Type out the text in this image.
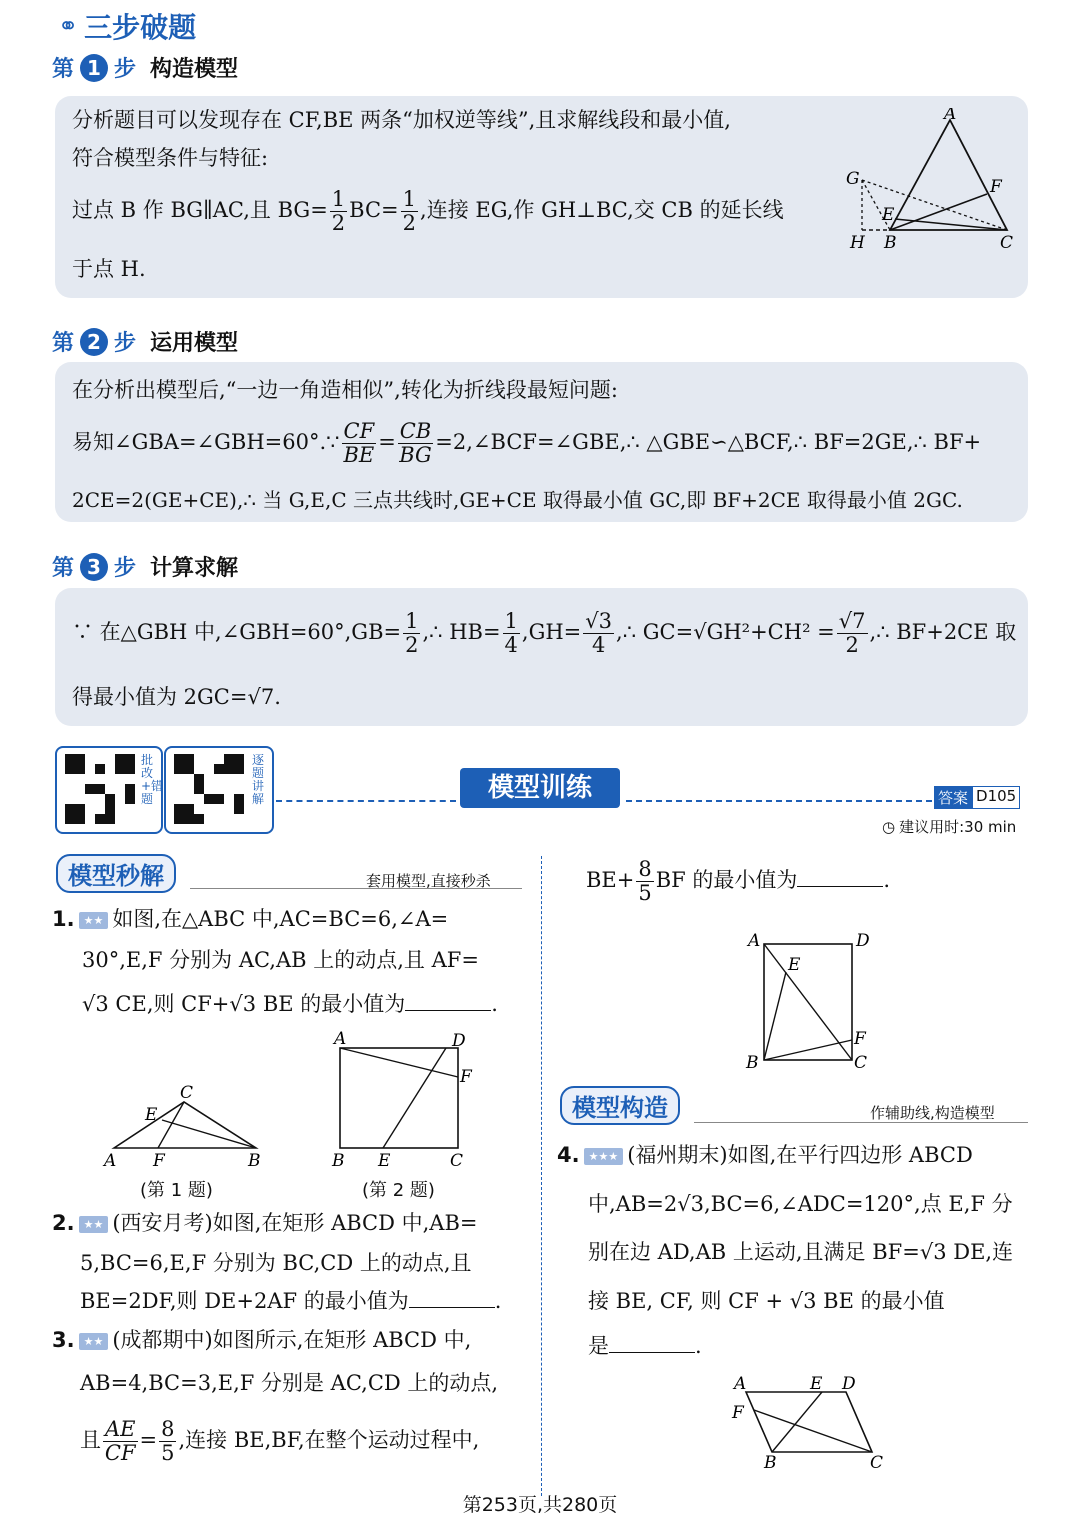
⚭ 三步破题
第 1 步 构造模型
分析题目可以发现存在 CF,BE 两条“加权逆等线”,且求解线段和最小值,
符合模型条件与特征:
过点 B 作 BG∥AC,且 $BG= \frac{1}{2} BC= \frac{1}{2}$ ,连接 EG,作 GH⊥BC,交 CB 的延长线
于点 H.
A
F
G
E
H B	C
第 2 步 运用模型
在分析出模型后,“一边一角造相似”,转化为折线段最短问题:
易知∠GBA=∠GBH=60°.∵ $\frac{CF}{BE} = \frac{CB}{BG}$ =2,∠BCF=∠GBE,∴ △GBE∽△BCF,∴ BF=2GE,∴ BF+
2CE=2(GE+CE),∴ 当 G,E,C 三点共线时,GE+CE 取得最小值 GC,即 BF+2CE 取得最小值 2GC.
第 3 步 计算求解
∵ 在△GBH 中,∠GBH=60°,GB= $\frac{1}{2}$ ,∴ $HB= \frac{1}{4} ,GH= \frac{√3}{4}$ ,∴ $GC=√GH^2+CH^2 = \frac{√7}{2}$ ,∴ BF+2CE 取
得最小值为 2GC=√7.
批改+错题
逐题讲解	模型训练	答案 D105
◷ 建议用时:30 min
模型秒解	套用模型,直接秒杀
1. ★★ 如图,在△ABC 中,AC=BC=6,∠A=
30°,E,F 分别为 AC,AB 上的动点,且 AF=
√3 CE,则 CF+√3 BE 的最小值为	.
C
E
A F	B
(第 1 题)
A	D
F
B E	C
(第 2 题)
2. ★★ (西安月考)如图,在矩形 ABCD 中,AB=
5,BC=6,E,F 分别为 BC,CD 上的动点,且
BE=2DF,则 DE+2AF 的最小值为	.
3. ★★ (成都期中)如图所示,在矩形 ABCD 中,
AB=4,BC=3,E,F 分别是 AC,CD 上的动点,
且 $\frac{AE}{CF} = \frac{8}{5}$ ,连接 BE,BF,在整个运动过程中,
$BE+ \frac{8}{5}$ BF 的最小值为	.
A	D
E
F
B	C
模型构造	作辅助线,构造模型
4. ★★★ (福州期末)如图,在平行四边形 ABCD
中,AB=2√3,BC=6,∠ADC=120°,点 E,F 分
别在边 AD,AB 上运动,且满足 BF=√3 DE,连
接 BE, CF, 则 CF + √3 BE 的最小值
是	.
A	E D
F
B	C
第253页,共280页
